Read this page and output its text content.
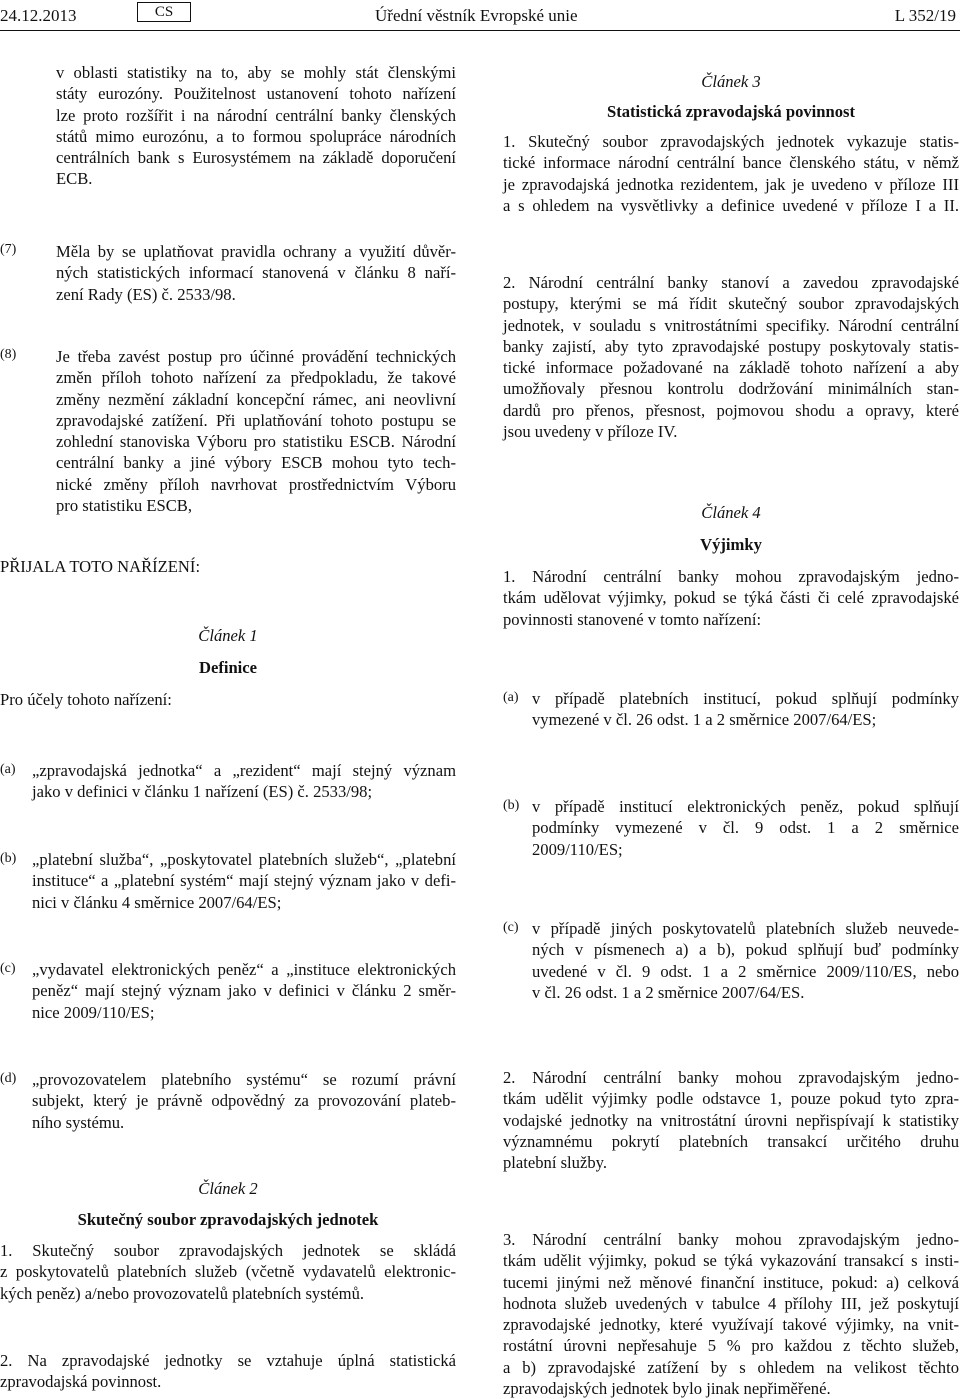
24.12.2013	CS	Úřední věstník Evropské unie	L 352/19
v oblasti statistiky na to, aby se mohly stát členskými
státy eurozóny. Použitelnost ustanovení tohoto nařízení
lze proto rozšířit i na národní centrální banky členských
států mimo eurozónu, a to formou spolupráce národních
centrálních bank s Eurosystémem na základě doporučení
ECB.
(7) Měla by se uplatňovat pravidla ochrany a využití důvěr-
ných statistických informací stanovená v článku 8 naří-
zení Rady (ES) č. 2533/98.
(8) Je třeba zavést postup pro účinné provádění technických
změn příloh tohoto nařízení za předpokladu, že takové
změny nezmění základní koncepční rámec, ani neovlivní
zpravodajské zatížení. Při uplatňování tohoto postupu se
zohlední stanoviska Výboru pro statistiku ESCB. Národní
centrální banky a jiné výbory ESCB mohou tyto tech-
nické změny příloh navrhovat prostřednictvím Výboru
pro statistiku ESCB,
PŘIJALA TOTO NAŘÍZENÍ:
Článek 1
Definice
Pro účely tohoto nařízení:
(a) „zpravodajská jednotka“ a „rezident“ mají stejný význam
jako v definici v článku 1 nařízení (ES) č. 2533/98;
(b) „platební služba“, „poskytovatel platebních služeb“, „platební
instituce“ a „platební systém“ mají stejný význam jako v defi-
nici v článku 4 směrnice 2007/64/ES;
(c) „vydavatel elektronických peněz“ a „instituce elektronických
peněz“ mají stejný význam jako v definici v článku 2 směr-
nice 2009/110/ES;
(d) „provozovatelem platebního systému“ se rozumí právní
subjekt, který je právně odpovědný za provozování plateb-
ního systému.
Článek 2
Skutečný soubor zpravodajských jednotek
1. Skutečný soubor zpravodajských jednotek se skládá
z poskytovatelů platebních služeb (včetně vydavatelů elektronic-
kých peněz) a/nebo provozovatelů platebních systémů.
2. Na zpravodajské jednotky se vztahuje úplná statistická
zpravodajská povinnost.
Článek 3
Statistická zpravodajská povinnost
1. Skutečný soubor zpravodajských jednotek vykazuje statis-
tické informace národní centrální bance členského státu, v němž
je zpravodajská jednotka rezidentem, jak je uvedeno v příloze III
a s ohledem na vysvětlivky a definice uvedené v příloze I a II.
2. Národní centrální banky stanoví a zavedou zpravodajské
postupy, kterými se má řídit skutečný soubor zpravodajských
jednotek, v souladu s vnitrostátními specifiky. Národní centrální
banky zajistí, aby tyto zpravodajské postupy poskytovaly statis-
tické informace požadované na základě tohoto nařízení a aby
umožňovaly přesnou kontrolu dodržování minimálních stan-
dardů pro přenos, přesnost, pojmovou shodu a opravy, které
jsou uvedeny v příloze IV.
Článek 4
Výjimky
1. Národní centrální banky mohou zpravodajským jedno-
tkám udělovat výjimky, pokud se týká části či celé zpravodajské
povinnosti stanovené v tomto nařízení:
(a) v případě platebních institucí, pokud splňují podmínky
vymezené v čl. 26 odst. 1 a 2 směrnice 2007/64/ES;
(b) v případě institucí elektronických peněz, pokud splňují
podmínky vymezené v čl. 9 odst. 1 a 2 směrnice
2009/110/ES;
(c) v případě jiných poskytovatelů platebních služeb neuvede-
ných v písmenech a) a b), pokud splňují buď podmínky
uvedené v čl. 9 odst. 1 a 2 směrnice 2009/110/ES, nebo
v čl. 26 odst. 1 a 2 směrnice 2007/64/ES.
2. Národní centrální banky mohou zpravodajským jedno-
tkám udělit výjimky podle odstavce 1, pouze pokud tyto zpra-
vodajské jednotky na vnitrostátní úrovni nepřispívají k statistiky
významnému pokrytí platebních transakcí určitého druhu
platební služby.
3. Národní centrální banky mohou zpravodajským jedno-
tkám udělit výjimky, pokud se týká vykazování transakcí s insti-
tucemi jinými než měnové finanční instituce, pokud: a) celková
hodnota služeb uvedených v tabulce 4 přílohy III, jež poskytují
zpravodajské jednotky, které využívají takové výjimky, na vnit-
rostátní úrovni nepřesahuje 5 % pro každou z těchto služeb,
a b) zpravodajské zatížení by s ohledem na velikost těchto
zpravodajských jednotek bylo jinak nepřiměřené.
